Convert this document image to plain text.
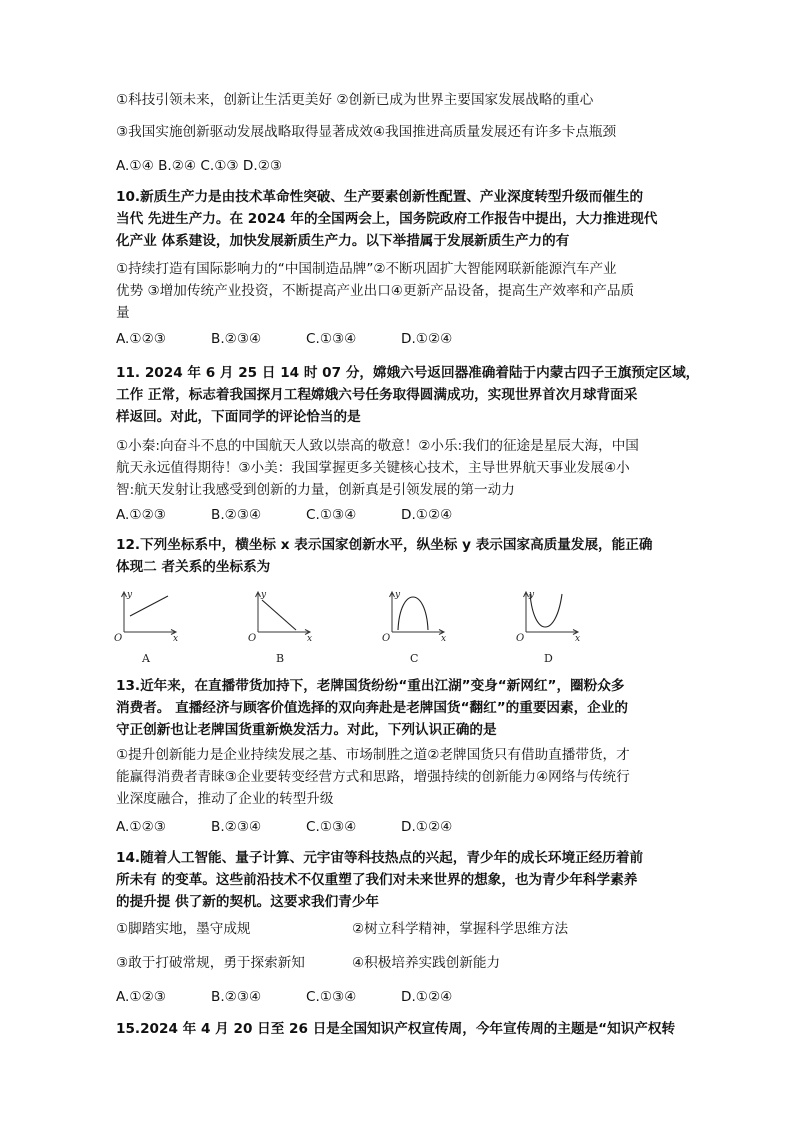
①科技引领未来，创新让生活更美好 ②创新已成为世界主要国家发展战略的重心
③我国实施创新驱动发展战略取得显著成效④我国推进高质量发展还有许多卡点瓶颈
A.①④ B.②④ C.①③ D.②③
10.新质生产力是由技术革命性突破、生产要素创新性配置、产业深度转型升级而催生的
当代 先进生产力。在 2024 年的全国两会上，国务院政府工作报告中提出，大力推进现代
化产业 体系建设，加快发展新质生产力。以下举措属于发展新质生产力的有
①持续打造有国际影响力的“中国制造品牌”②不断巩固扩大智能网联新能源汽车产业
优势 ③增加传统产业投资，不断提高产业出口④更新产品设备，提高生产效率和产品质
量
A.①②③	B.②③④	C.①③④	D.①②④
11. 2024 年 6 月 25 日 14 时 07 分，嫦娥六号返回器准确着陆于内蒙古四子王旗预定区域，
工作 正常，标志着我国探月工程嫦娥六号任务取得圆满成功，实现世界首次月球背面采
样返回。对此，下面同学的评论恰当的是
①小秦:向奋斗不息的中国航天人致以崇高的敬意！②小乐:我们的征途是星辰大海，中国
航天永远值得期待！③小美：我国掌握更多关键核心技术，主导世界航天事业发展④小
智:航天发射让我感受到创新的力量，创新真是引领发展的第一动力
A.①②③	B.②③④	C.①③④	D.①②④
12.下列坐标系中，横坐标 x 表示国家创新水平，纵坐标 y 表示国家高质量发展，能正确
体现二 者关系的坐标系为
y
x
O
A
y
x
O
B
y
x
O
C
y
x
O
D
13.近年来，在直播带货加持下，老牌国货纷纷“重出江湖”变身“新网红”，圈粉众多
消费者。 直播经济与顾客价值选择的双向奔赴是老牌国货“翻红”的重要因素，企业的
守正创新也让老牌国货重新焕发活力。对此，下列认识正确的是
①提升创新能力是企业持续发展之基、市场制胜之道②老牌国货只有借助直播带货，才
能赢得消费者青睐③企业要转变经营方式和思路，增强持续的创新能力④网络与传统行
业深度融合，推动了企业的转型升级
A.①②③	B.②③④	C.①③④	D.①②④
14.随着人工智能、量子计算、元宇宙等科技热点的兴起，青少年的成长环境正经历着前
所未有 的变革。这些前沿技术不仅重塑了我们对未来世界的想象，也为青少年科学素养
的提升提 供了新的契机。这要求我们青少年
①脚踏实地，墨守成规	②树立科学精神，掌握科学思维方法
③敢于打破常规，勇于探索新知	④积极培养实践创新能力
A.①②③	B.②③④	C.①③④	D.①②④
15.2024 年 4 月 20 日至 26 日是全国知识产权宣传周，今年宣传周的主题是“知识产权转
